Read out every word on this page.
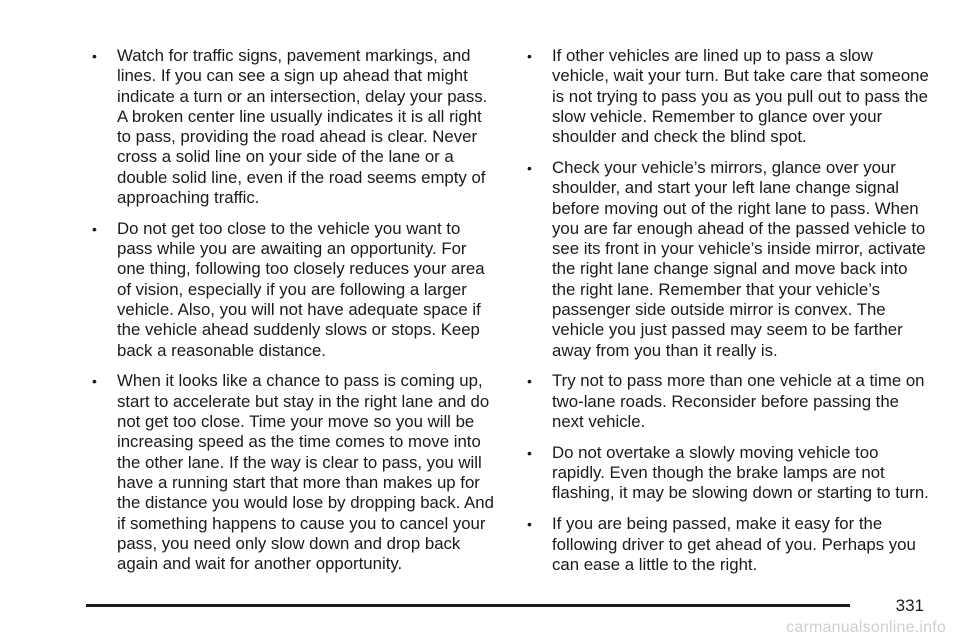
•	Watch for traffic signs, pavement markings, and lines. If you can see a sign up ahead that might indicate a turn or an intersection, delay your pass. A broken center line usually indicates it is all right to pass, providing the road ahead is clear. Never cross a solid line on your side of the lane or a double solid line, even if the road seems empty of approaching traffic.
•	Do not get too close to the vehicle you want to pass while you are awaiting an opportunity. For one thing, following too closely reduces your area of vision, especially if you are following a larger vehicle. Also, you will not have adequate space if the vehicle ahead suddenly slows or stops. Keep back a reasonable distance.
•	When it looks like a chance to pass is coming up, start to accelerate but stay in the right lane and do not get too close. Time your move so you will be increasing speed as the time comes to move into the other lane. If the way is clear to pass, you will have a running start that more than makes up for the distance you would lose by dropping back. And if something happens to cause you to cancel your pass, you need only slow down and drop back again and wait for another opportunity.
•	If other vehicles are lined up to pass a slow vehicle, wait your turn. But take care that someone is not trying to pass you as you pull out to pass the slow vehicle. Remember to glance over your shoulder and check the blind spot.
•	Check your vehicle’s mirrors, glance over your shoulder, and start your left lane change signal before moving out of the right lane to pass. When you are far enough ahead of the passed vehicle to see its front in your vehicle’s inside mirror, activate the right lane change signal and move back into the right lane. Remember that your vehicle’s passenger side outside mirror is convex. The vehicle you just passed may seem to be farther away from you than it really is.
•	Try not to pass more than one vehicle at a time on two-lane roads. Reconsider before passing the next vehicle.
•	Do not overtake a slowly moving vehicle too rapidly. Even though the brake lamps are not flashing, it may be slowing down or starting to turn.
•	If you are being passed, make it easy for the following driver to get ahead of you. Perhaps you can ease a little to the right.
331
carmanualsonline.info
